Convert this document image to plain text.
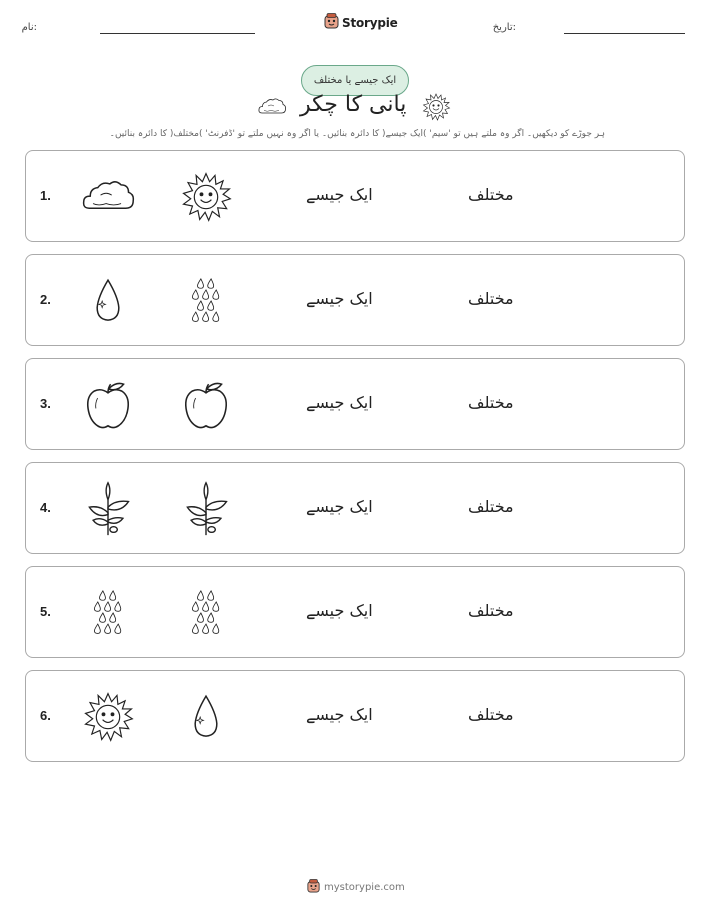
نام:	Storypie	تاریخ:
ایک جیسے یا مختلف
پانی کا چکر
ہر جوڑے کو دیکھیں۔ اگر وہ ملتے ہیں تو 'سیم' )ایک جیسے( کا دائرہ بنائیں۔ یا اگر وہ نہیں ملتے تو 'ڈفرنٹ' )مختلف( کا دائرہ بنائیں۔
1.	ایک جیسے	مختلف
2.	ایک جیسے	مختلف
3.	ایک جیسے	مختلف
4.	ایک جیسے	مختلف
5.	ایک جیسے	مختلف
6.	ایک جیسے	مختلف
mystorypie.com
